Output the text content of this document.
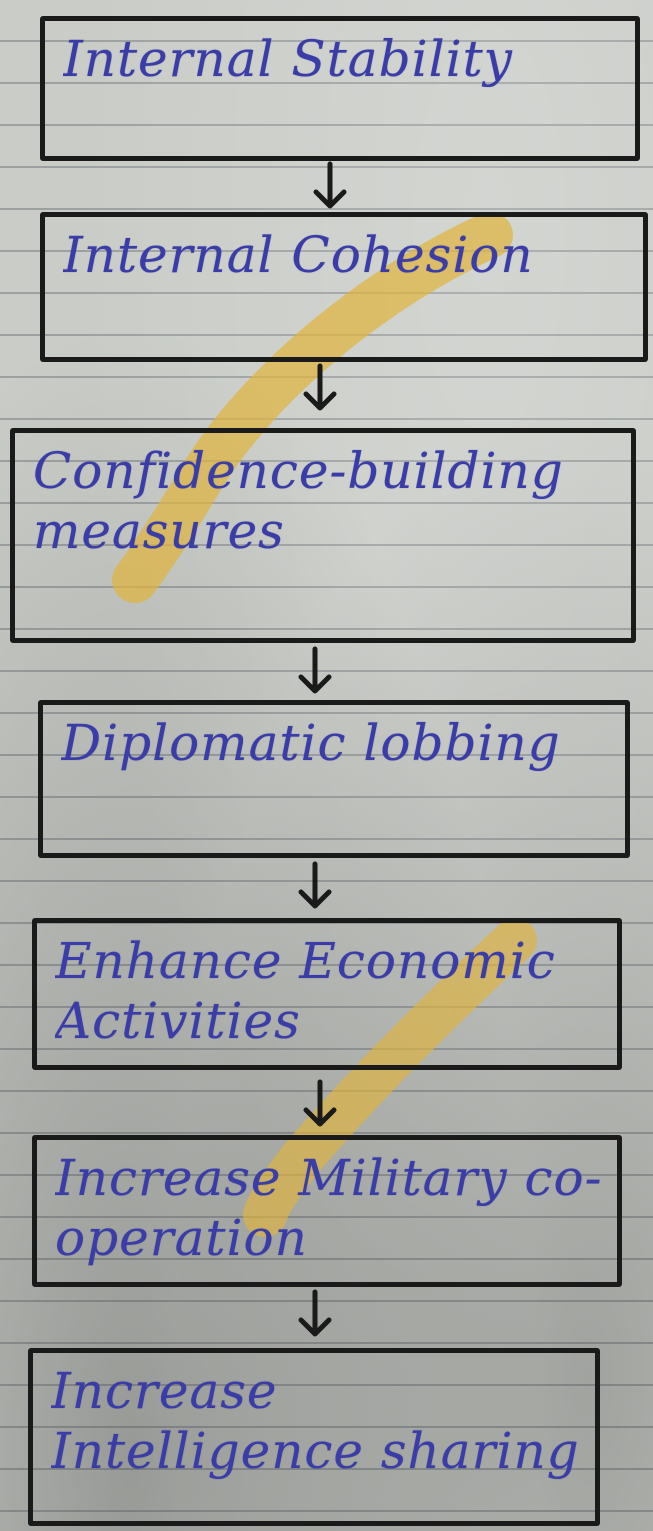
Internal Stability
Internal Cohesion
Confidence-building measures
Diplomatic lobbing
Enhance Economic Activities
Increase Military co-operation
Increase Intelligence sharing
